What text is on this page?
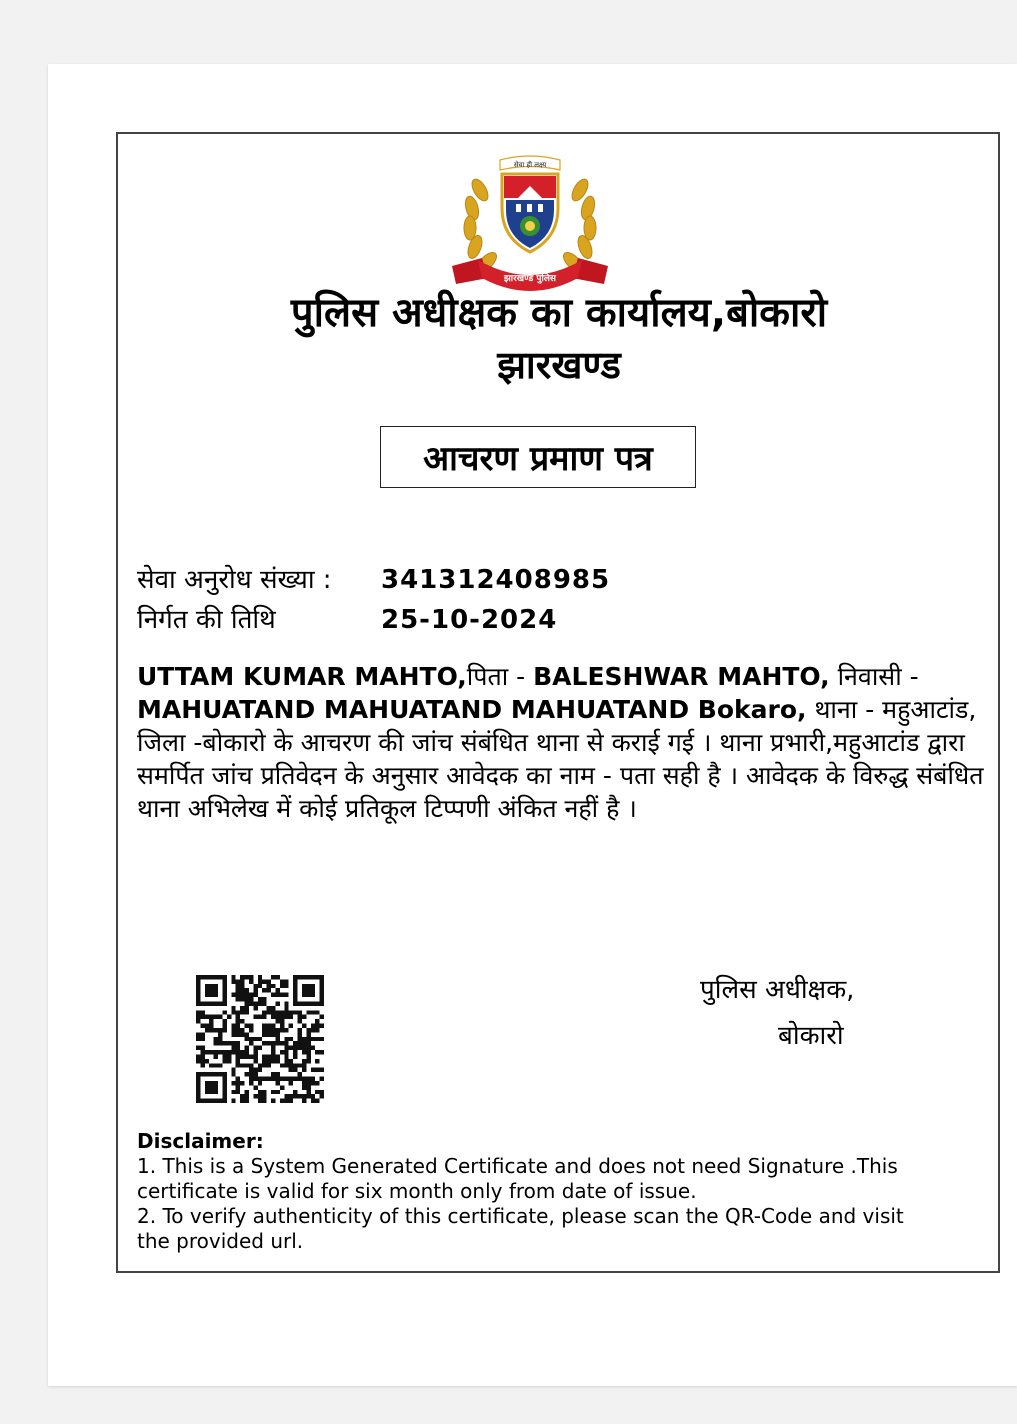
सेवा ही लक्ष्य
झारखण्ड पुलिस
पुलिस अधीक्षक का कार्यालय,बोकारो
झारखण्ड
आचरण प्रमाण पत्र
सेवा अनुरोध संख्या : 341312408985
निर्गत की तिथि	25-10-2024

UTTAM KUMAR MAHTO,पिता - BALESHWAR MAHTO, निवासी - MAHUATAND MAHUATAND MAHUATAND Bokaro, थाना - महुआटांड, जिला -बोकारो के आचरण की जांच संबंधित थाना से कराई गई । थाना प्रभारी,महुआटांड द्वारा समर्पित जांच प्रतिवेदन के अनुसार आवेदक का नाम - पता सही है । आवेदक के विरुद्ध संबंधित थाना अभिलेख में कोई प्रतिकूल टिप्पणी अंकित नहीं है ।

पुलिस अधीक्षक,
बोकारो
Disclaimer:

1. This is a System Generated Certificate and does not need Signature .This certificate is valid for six month only from date of issue.

2. To verify authenticity of this certificate, please scan the QR-Code and visit the provided url.
